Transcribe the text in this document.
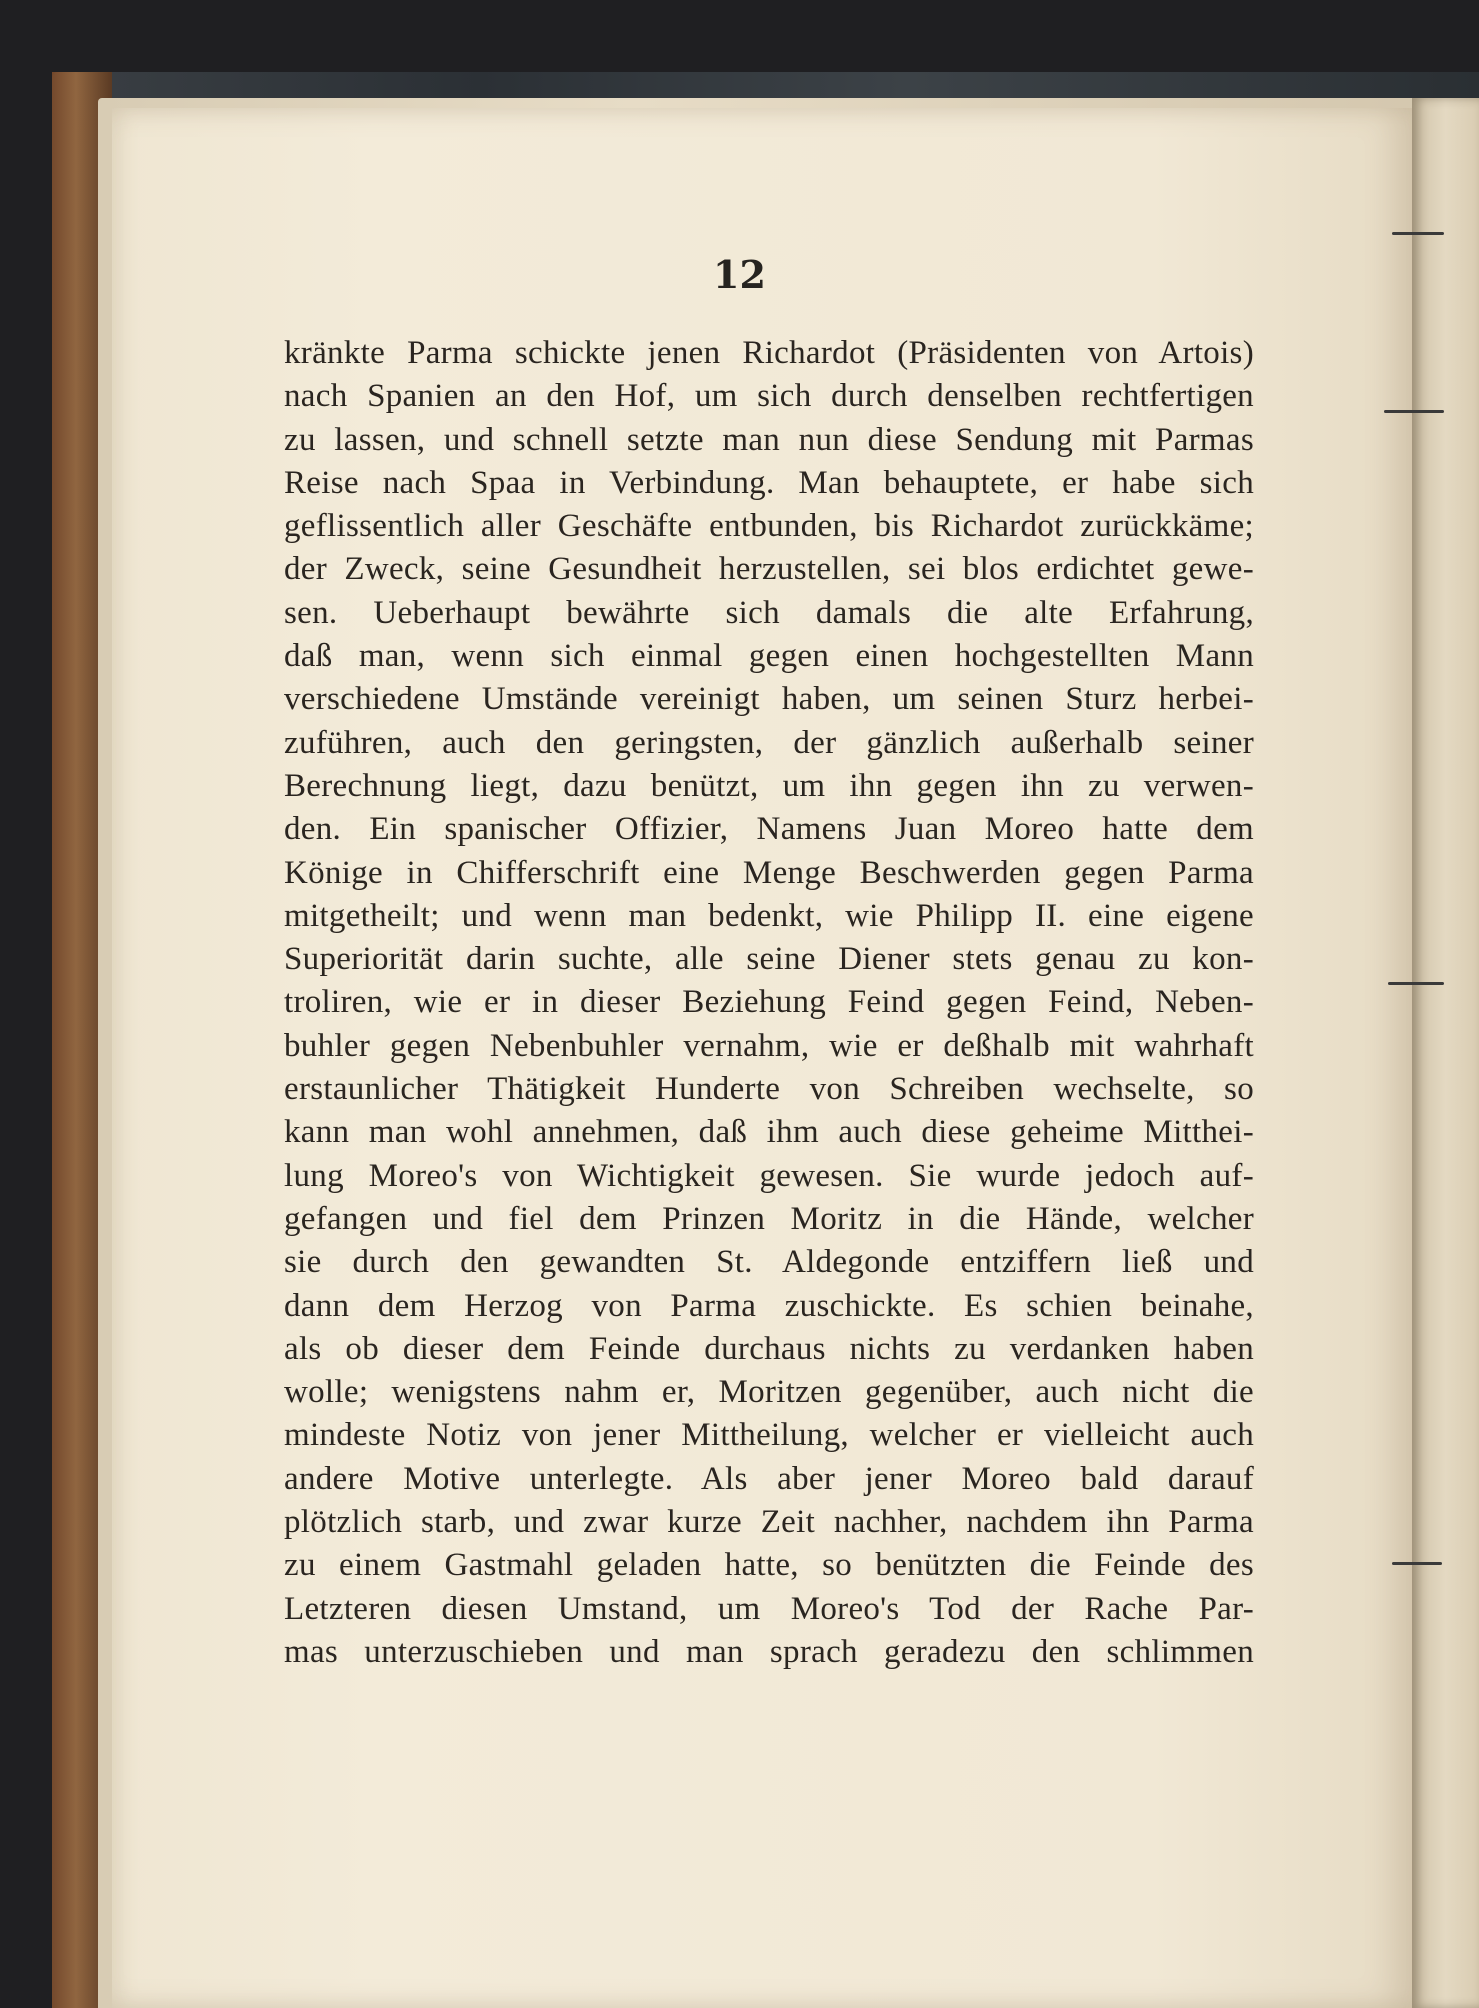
12
kränkte Parma schickte jenen Richardot (Präsidenten von Artois)
nach Spanien an den Hof, um sich durch denselben rechtfertigen
zu lassen, und schnell setzte man nun diese Sendung mit Parmas
Reise nach Spaa in Verbindung. Man behauptete, er habe sich
geflissentlich aller Geschäfte entbunden, bis Richardot zurückkäme;
der Zweck, seine Gesundheit herzustellen, sei blos erdichtet gewe-
sen. Ueberhaupt bewährte sich damals die alte Erfahrung,
daß man, wenn sich einmal gegen einen hochgestellten Mann
verschiedene Umstände vereinigt haben, um seinen Sturz herbei-
zuführen, auch den geringsten, der gänzlich außerhalb seiner
Berechnung liegt, dazu benützt, um ihn gegen ihn zu verwen-
den. Ein spanischer Offizier, Namens Juan Moreo hatte dem
Könige in Chifferschrift eine Menge Beschwerden gegen Parma
mitgetheilt; und wenn man bedenkt, wie Philipp II. eine eigene
Superiorität darin suchte, alle seine Diener stets genau zu kon-
troliren, wie er in dieser Beziehung Feind gegen Feind, Neben-
buhler gegen Nebenbuhler vernahm, wie er deßhalb mit wahrhaft
erstaunlicher Thätigkeit Hunderte von Schreiben wechselte, so
kann man wohl annehmen, daß ihm auch diese geheime Mitthei-
lung Moreo's von Wichtigkeit gewesen. Sie wurde jedoch auf-
gefangen und fiel dem Prinzen Moritz in die Hände, welcher
sie durch den gewandten St. Aldegonde entziffern ließ und
dann dem Herzog von Parma zuschickte. Es schien beinahe,
als ob dieser dem Feinde durchaus nichts zu verdanken haben
wolle; wenigstens nahm er, Moritzen gegenüber, auch nicht die
mindeste Notiz von jener Mittheilung, welcher er vielleicht auch
andere Motive unterlegte. Als aber jener Moreo bald darauf
plötzlich starb, und zwar kurze Zeit nachher, nachdem ihn Parma
zu einem Gastmahl geladen hatte, so benützten die Feinde des
Letzteren diesen Umstand, um Moreo's Tod der Rache Par-
mas unterzuschieben und man sprach geradezu den schlimmen
